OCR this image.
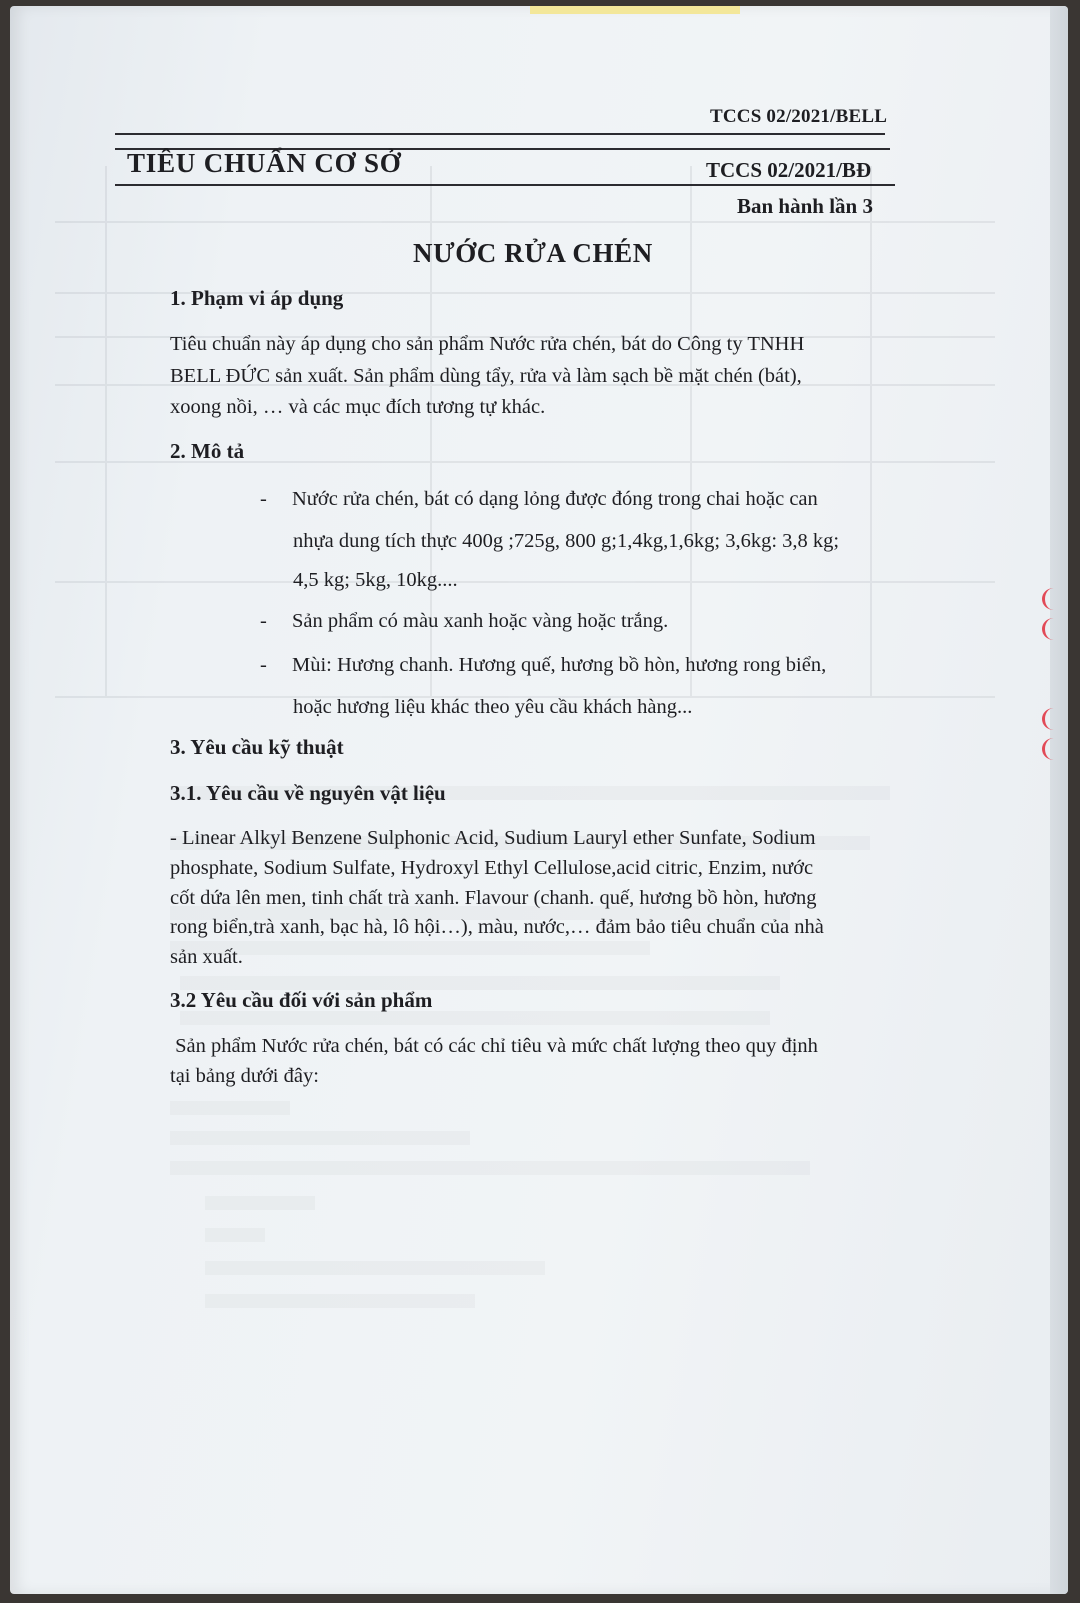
TCCS 02/2021/BELL
TIÊU CHUẨN CƠ SỞ	TCCS 02/2021/BĐ
Ban hành lần 3
NƯỚC RỬA CHÉN
1. Phạm vi áp dụng
Tiêu chuẩn này áp dụng cho sản phẩm Nước rửa chén, bát do Công ty TNHH
BELL ĐỨC sản xuất. Sản phẩm dùng tẩy, rửa và làm sạch bề mặt chén (bát),
xoong nồi, … và các mục đích tương tự khác.
2. Mô tả
- Nước rửa chén, bát có dạng lỏng được đóng trong chai hoặc can
nhựa dung tích thực 400g ;725g, 800 g;1,4kg,1,6kg; 3,6kg: 3,8 kg;
4,5 kg; 5kg, 10kg....
- Sản phẩm có màu xanh hoặc vàng hoặc trắng.
- Mùi: Hương chanh. Hương quế, hương bồ hòn, hương rong biển,
hoặc hương liệu khác theo yêu cầu khách hàng...
3. Yêu cầu kỹ thuật
3.1. Yêu cầu về nguyên vật liệu
- Linear Alkyl Benzene Sulphonic Acid, Sudium Lauryl ether Sunfate, Sodium
phosphate, Sodium Sulfate, Hydroxyl Ethyl Cellulose,acid citric, Enzim, nước
cốt dứa lên men, tinh chất trà xanh. Flavour (chanh. quế, hương bồ hòn, hương
rong biển,trà xanh, bạc hà, lô hội…), màu, nước,… đảm bảo tiêu chuẩn của nhà
sản xuất.
3.2 Yêu cầu đối với sản phẩm
Sản phẩm Nước rửa chén, bát có các chỉ tiêu và mức chất lượng theo quy định
tại bảng dưới đây:
